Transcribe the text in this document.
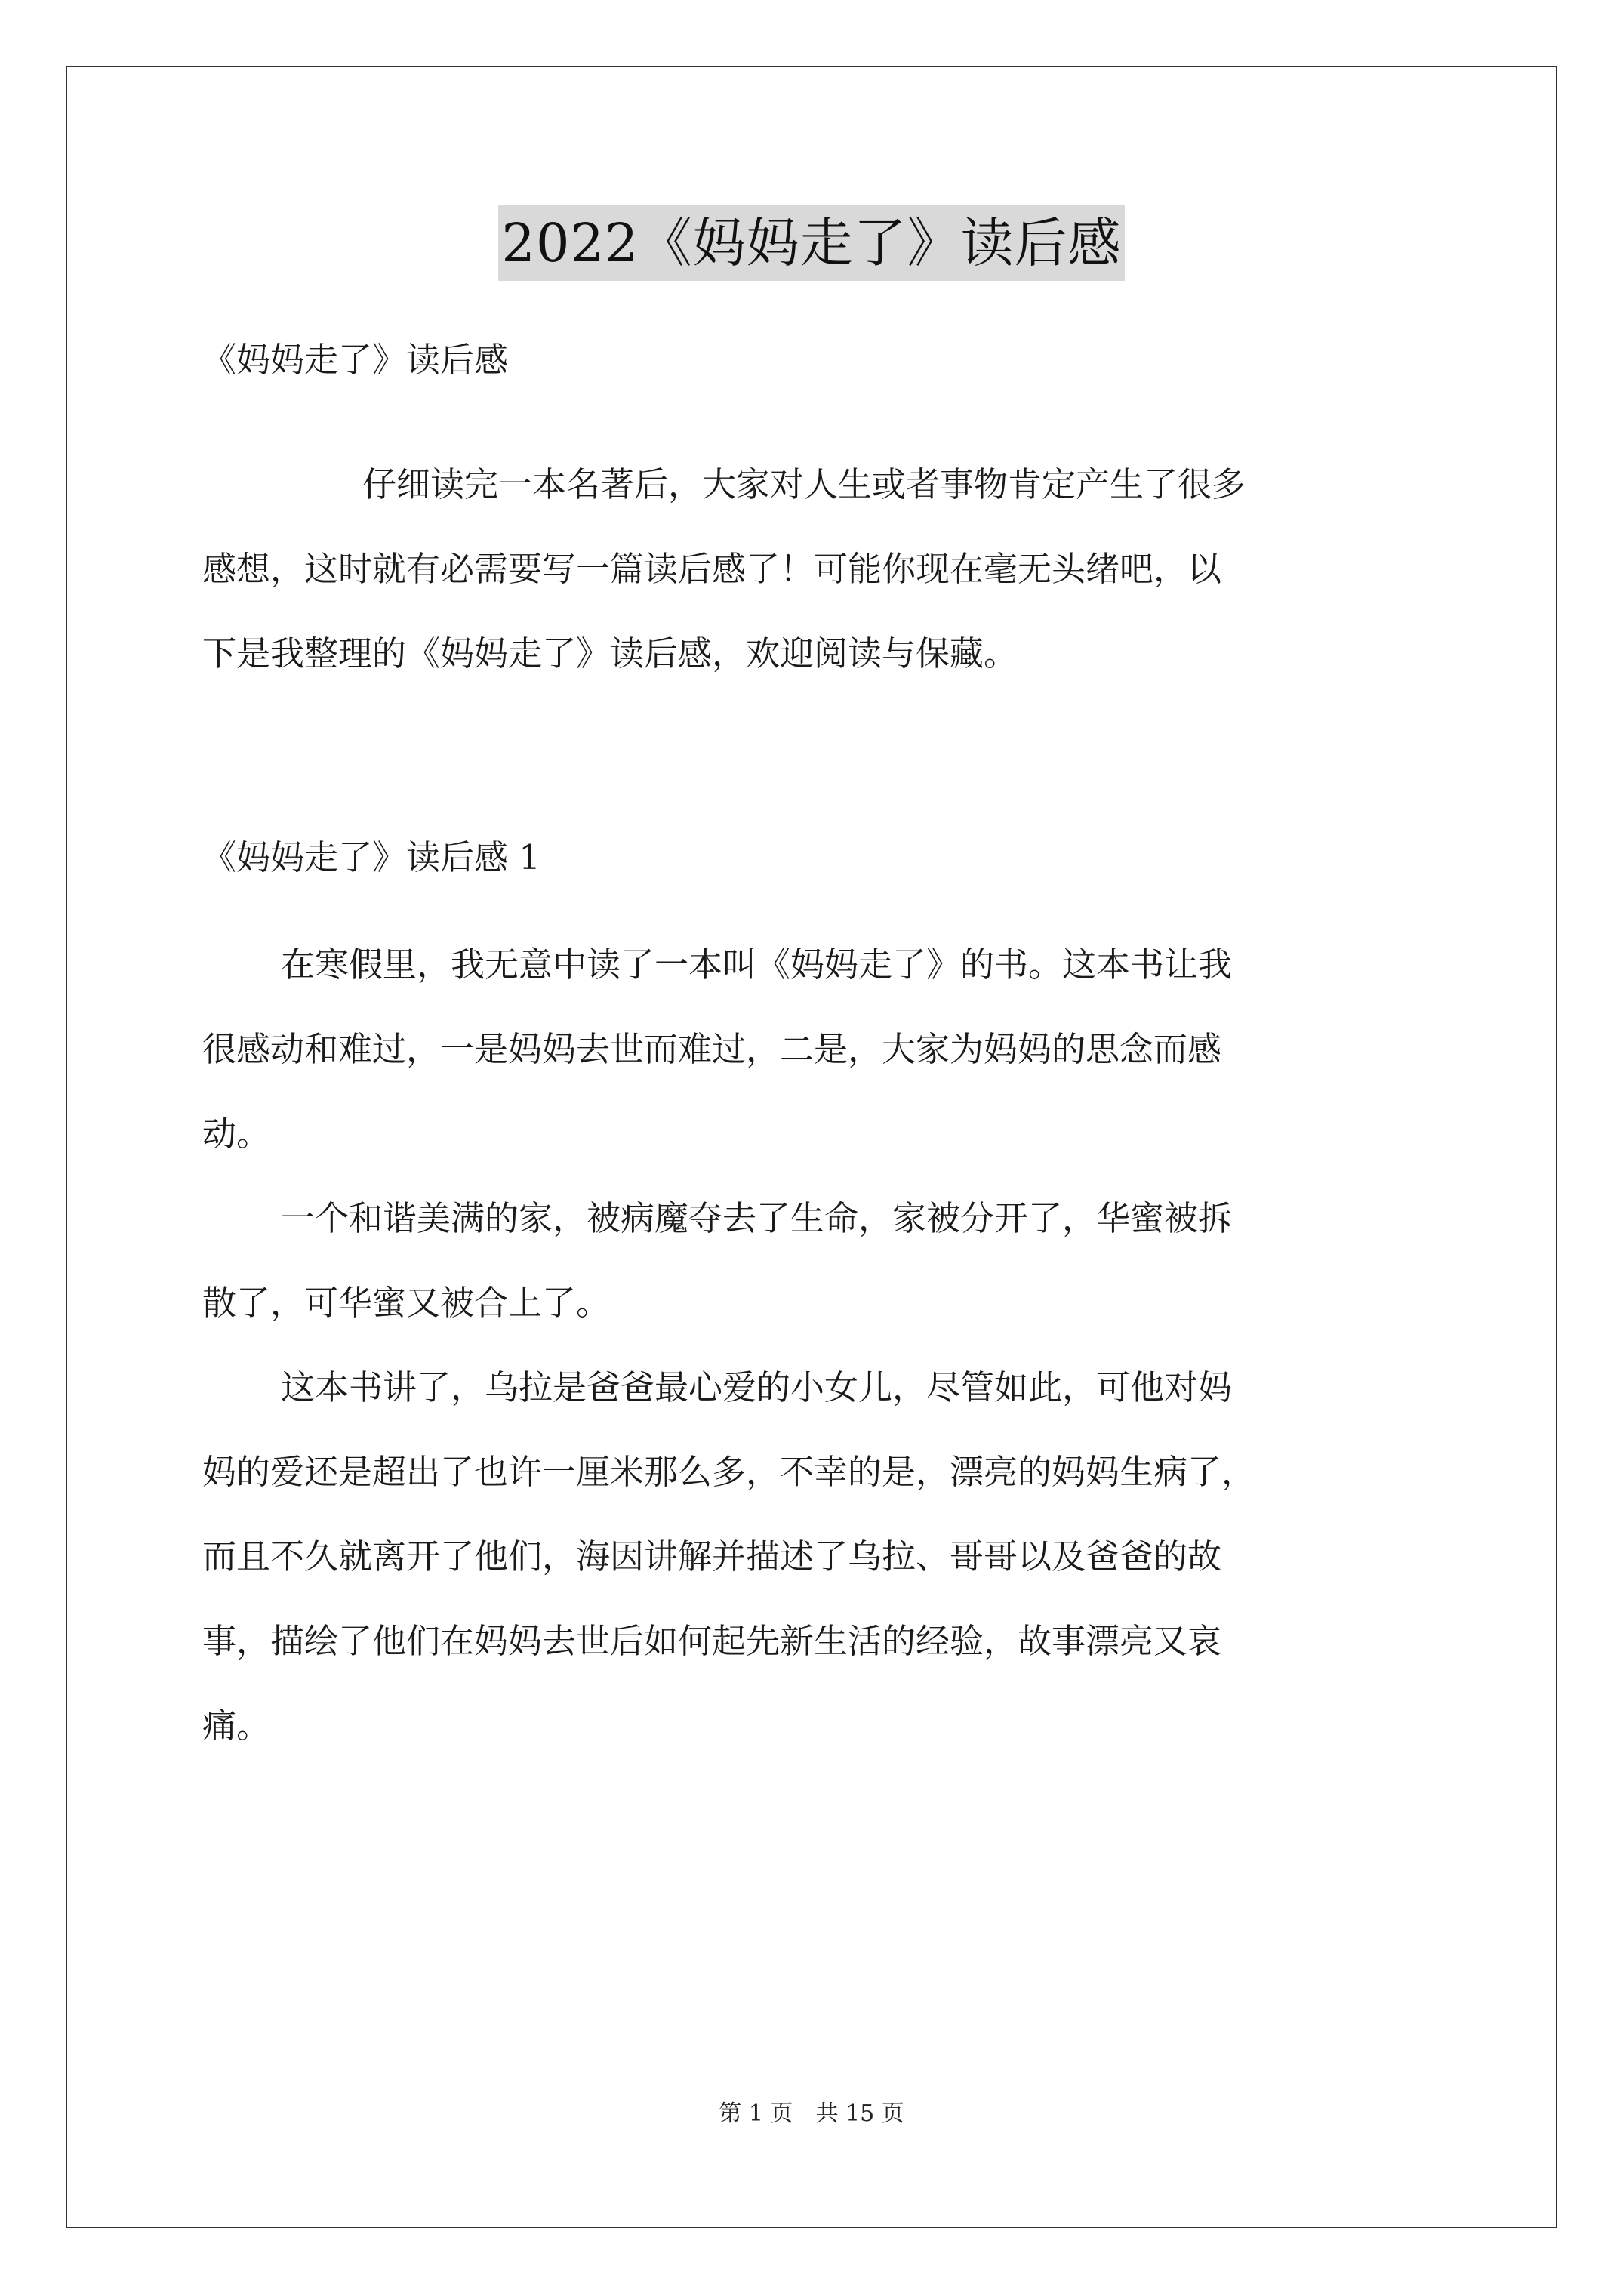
2022《妈妈走了》读后感
《妈妈走了》读后感
仔细读完一本名著后，大家对人生或者事物肯定产生了很多
感想，这时就有必需要写一篇读后感了！可能你现在毫无头绪吧，以
下是我整理的《妈妈走了》读后感，欢迎阅读与保藏。
《妈妈走了》读后感 1
在寒假里，我无意中读了一本叫《妈妈走了》的书。这本书让我
很感动和难过，一是妈妈去世而难过，二是，大家为妈妈的思念而感
动。
一个和谐美满的家，被病魔夺去了生命，家被分开了，华蜜被拆
散了，可华蜜又被合上了。
这本书讲了，乌拉是爸爸最心爱的小女儿，尽管如此，可他对妈
妈的爱还是超出了也许一厘米那么多，不幸的是，漂亮的妈妈生病了，
而且不久就离开了他们，海因讲解并描述了乌拉、哥哥以及爸爸的故
事，描绘了他们在妈妈去世后如何起先新生活的经验，故事漂亮又哀
痛。
第 1 页　共 15 页
